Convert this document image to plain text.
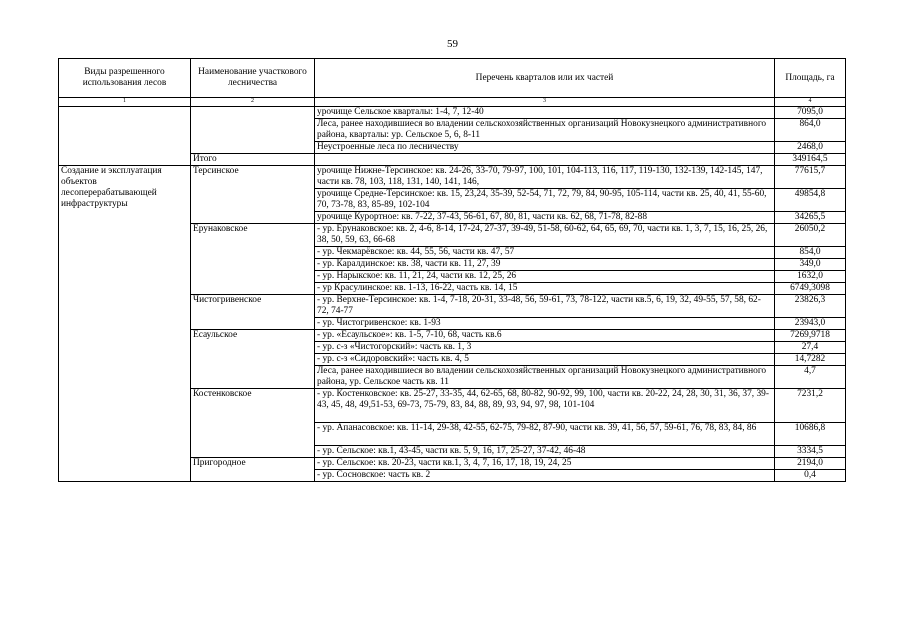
59
Виды разрешенного использования лесов	Наименование участкового лесничества	Перечень кварталов или их частей	Площадь, га
1	2	3	4
		урочище Сельское кварталы: 1-4, 7, 12-40	7095,0
		Леса, ранее находившиеся во владении сельскохозяйственных организаций Новокузнецкого административного района, кварталы: ур. Сельское 5, 6, 8-11	864,0
		Неустроенные леса по лесничеству	2468,0
	Итого		349164,5
Создание и эксплуатация объектов лесоперерабатывающей инфраструктуры	Терсинское	урочище Нижне-Терсинское: кв. 24-26, 33-70, 79-97, 100, 101, 104-113, 116, 117, 119-130, 132-139, 142-145, 147, части кв. 78, 103, 118, 131, 140, 141, 146,	77615,7
		урочище Средне-Терсинское: кв. 15, 23,24, 35-39, 52-54, 71, 72, 79, 84, 90-95, 105-114, части кв. 25, 40, 41, 55-60, 70, 73-78, 83, 85-89, 102-104	49854,8
		урочище Курортное: кв. 7-22, 37-43, 56-61, 67, 80, 81, части кв. 62, 68, 71-78, 82-88	34265,5
	Ерунаковское	- ур. Ерунаковское: кв. 2, 4-6, 8-14, 17-24, 27-37, 39-49, 51-58, 60-62, 64, 65, 69, 70, части кв. 1, 3, 7, 15, 16, 25, 26, 38, 50, 59, 63, 66-68	26050,2
		- ур. Чекмарёвское: кв. 44, 55, 56, части кв. 47, 57	854,0
		- ур. Каралдинское: кв. 38, части кв. 11, 27, 39	349,0
		- ур. Нарыкское: кв. 11, 21, 24, части кв. 12, 25, 26	1632,0
		- ур Красулинское: кв. 1-13, 16-22, часть кв. 14, 15	6749,3098
	Чистогривенское	- ур. Верхне-Терсинское: кв. 1-4, 7-18, 20-31, 33-48, 56, 59-61, 73, 78-122, части кв.5, 6, 19, 32, 49-55, 57, 58, 62-72, 74-77	23826,3
		- ур. Чистогривенское: кв. 1-93	23943,0
	Есаульское	- ур. «Есаульское»: кв. 1-5, 7-10, 68, часть кв.6	7269,9718
		- ур. с-з «Чистогорский»: часть кв. 1, 3	27,4
		- ур. с-з «Сидоровский»: часть кв. 4, 5	14,7282
		Леса, ранее находившиеся во владении сельскохозяйственных организаций Новокузнецкого административного района, ур. Сельское часть кв. 11	4,7
	Костенковское	- ур. Костенковское: кв. 25-27, 33-35, 44, 62-65, 68, 80-82, 90-92, 99, 100, части кв. 20-22, 24, 28, 30, 31, 36, 37, 39-43, 45, 48, 49,51-53, 69-73, 75-79, 83, 84, 88, 89, 93, 94, 97, 98, 101-104	7231,2
		- ур. Апанасовское: кв. 11-14, 29-38, 42-55, 62-75, 79-82, 87-90, части кв. 39, 41, 56, 57, 59-61, 76, 78, 83, 84, 86	10686,8
		- ур. Сельское: кв.1, 43-45, части кв. 5, 9, 16, 17, 25-27, 37-42, 46-48	3334,5
	Пригородное	- ур. Сельское: кв. 20-23, части кв.1, 3, 4, 7, 16, 17, 18, 19, 24, 25	2194,0
		- ур. Сосновское: часть кв. 2	0,4
